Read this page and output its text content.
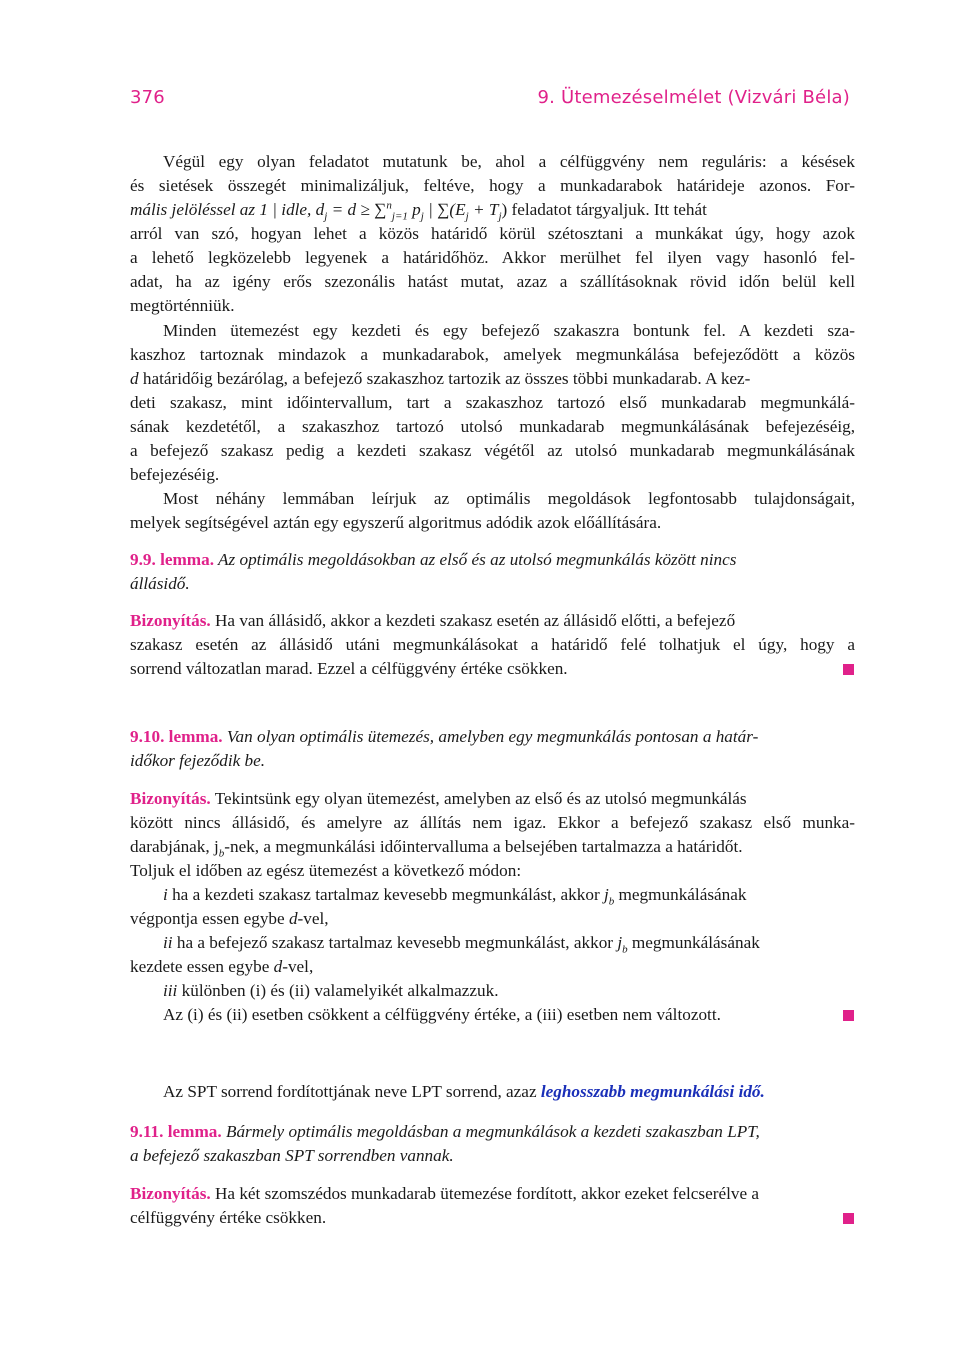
376	9. Ütemezéselmélet (Vizvári Béla)
Végül egy olyan feladatot mutatunk be, ahol a célfüggvény nem reguláris: a késések
és sietések összegét minimalizáljuk, feltéve, hogy a munkadarabok határideje azonos. For-
mális jelöléssel az 1 | idle, $d_j = d \ge \sum^n_{j=1}$ $p_j$ | $\sum(E_j + T_j)$ feladatot tárgyaljuk. Itt tehát
arról van szó, hogyan lehet a közös határidő körül szétosztani a munkákat úgy, hogy azok
a lehető legközelebb legyenek a határidőhöz. Akkor merülhet fel ilyen vagy hasonló fel-
adat, ha az igény erős szezonális hatást mutat, azaz a szállításoknak rövid időn belül kell
megtörténniük.
Minden ütemezést egy kezdeti és egy befejező szakaszra bontunk fel. A kezdeti sza-
kaszhoz tartoznak mindazok a munkadarabok, amelyek megmunkálása befejeződött a közös
d határidőig bezárólag, a befejező szakaszhoz tartozik az összes többi munkadarab. A kez-
deti szakasz, mint időintervallum, tart a szakaszhoz tartozó első munkadarab megmunkálá-
sának kezdetétől, a szakaszhoz tartozó utolsó munkadarab megmunkálásának befejezéséig,
a befejező szakasz pedig a kezdeti szakasz végétől az utolsó munkadarab megmunkálásának
befejezéséig.
Most néhány lemmában leírjuk az optimális megoldások legfontosabb tulajdonságait,
melyek segítségével aztán egy egyszerű algoritmus adódik azok előállítására.
9.9. lemma. Az optimális megoldásokban az első és az utolsó megmunkálás között nincs
állásidő.
Bizonyítás. Ha van állásidő, akkor a kezdeti szakasz esetén az állásidő előtti, a befejező
szakasz esetén az állásidő utáni megmunkálásokat a határidő felé tolhatjuk el úgy, hogy a
sorrend változatlan marad. Ezzel a célfüggvény értéke csökken.
9.10. lemma. Van olyan optimális ütemezés, amelyben egy megmunkálás pontosan a határ-
időkor fejeződik be.
Bizonyítás. Tekintsünk egy olyan ütemezést, amelyben az első és az utolsó megmunkálás
között nincs állásidő, és amelyre az állítás nem igaz. Ekkor a befejező szakasz első munka-
darabjának, $j_b$-nek, a megmunkálási időintervalluma a belsejében tartalmazza a határidőt.
Toljuk el időben az egész ütemezést a következő módon:
i ha a kezdeti szakasz tartalmaz kevesebb megmunkálást, akkor $j_b$ megmunkálásának
végpontja essen egybe d-vel,
ii ha a befejező szakasz tartalmaz kevesebb megmunkálást, akkor $j_b$ megmunkálásának
kezdete essen egybe d-vel,
iii különben (i) és (ii) valamelyikét alkalmazzuk.
Az (i) és (ii) esetben csökkent a célfüggvény értéke, a (iii) esetben nem változott.
Az SPT sorrend fordítottjának neve LPT sorrend, azaz leghosszabb megmunkálási idő.
9.11. lemma. Bármely optimális megoldásban a megmunkálások a kezdeti szakaszban LPT,
a befejező szakaszban SPT sorrendben vannak.
Bizonyítás. Ha két szomszédos munkadarab ütemezése fordított, akkor ezeket felcserélve a
célfüggvény értéke csökken.
